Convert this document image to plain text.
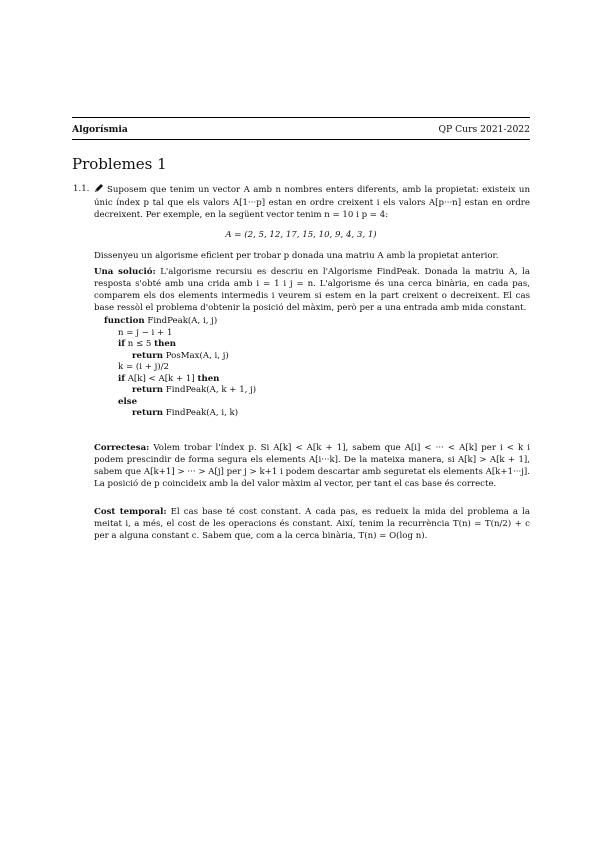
Algorísmia	QP Curs 2021-2022
Problemes 1
1.1.	Suposem que tenim un vector A amb n nombres enters diferents, amb la propietat: existeix un únic índex p tal que els valors A[1···p] estan en ordre creixent i els valors A[p···n] estan en ordre decreixent. Per exemple, en la següent vector tenim n = 10 i p = 4:

A = (2, 5, 12, 17, 15, 10, 9, 4, 3, 1)

Dissenyeu un algorisme eficient per trobar p donada una matriu A amb la propietat anterior.

Una solució: L'algorisme recursiu es descriu en l'Algorisme FindPeak. Donada la matriu A, la resposta s'obté amb una crida amb i = 1 i j = n. L'algorisme és una cerca binària, en cada pas, comparem els dos elements intermedis i veurem si estem en la part creixent o decreixent. El cas base ressòl el problema d'obtenir la posició del màxim, però per a una entrada amb mida constant.

function FindPeak(A, i, j)
n = j − i + 1
if n ≤ 5 then
return PosMax(A, i, j)
k = (i + j)/2
if A[k] < A[k + 1] then
return FindPeak(A, k + 1, j)
else
return FindPeak(A, i, k)

Correctesa: Volem trobar l'índex p. Si A[k] < A[k + 1], sabem que A[i] < ··· < A[k] per i < k i podem prescindir de forma segura els elements A[i···k]. De la mateixa manera, si A[k] > A[k + 1], sabem que A[k+1] > ··· > A[j] per j > k+1 i podem descartar amb seguretat els elements A[k+1···j]. La posició de p coincideix amb la del valor màxim al vector, per tant el cas base és correcte.

Cost temporal: El cas base té cost constant. A cada pas, es redueix la mida del problema a la meitat i, a més, el cost de les operacions és constant. Així, tenim la recurrència T(n) = T(n/2) + c per a alguna constant c. Sabem que, com a la cerca binària, T(n) = O(log n).
